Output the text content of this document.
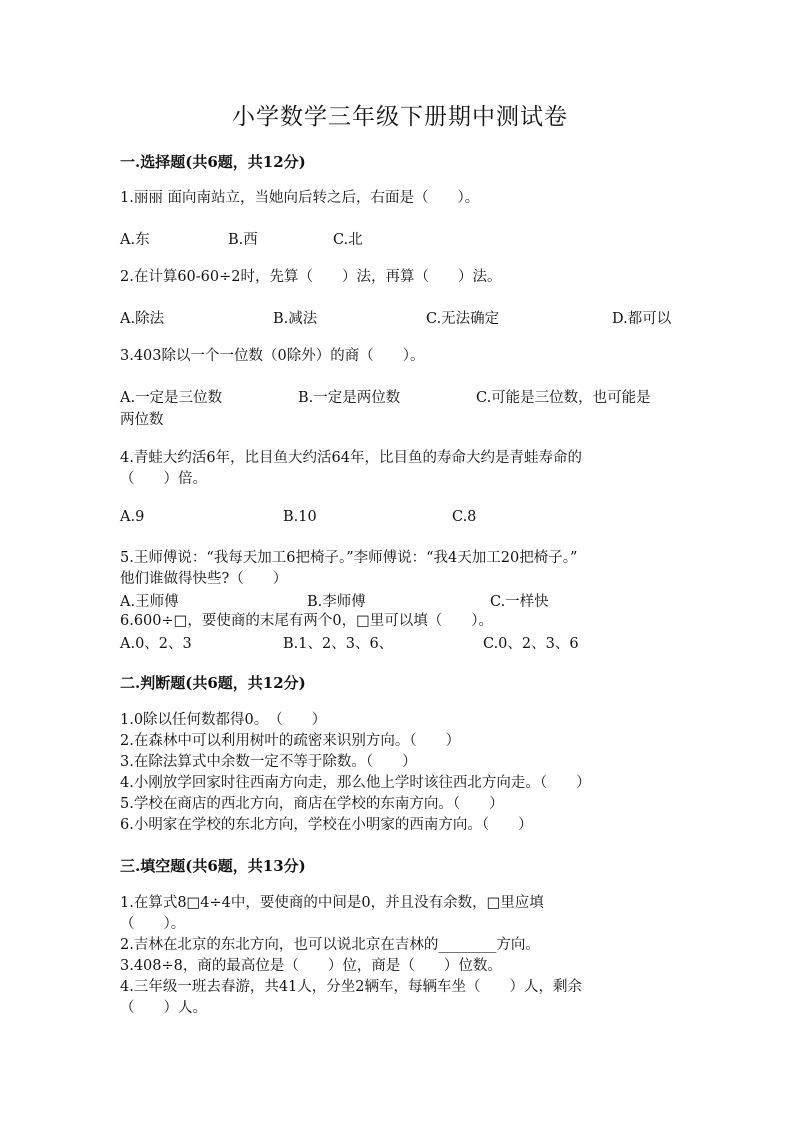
小学数学三年级下册期中测试卷
一.选择题(共6题，共12分)
1.丽丽 面向南站立，当她向后转之后，右面是（　　）。
A.东	B.西	C.北
2.在计算60-60÷2时，先算（　　）法，再算（　　）法。
A.除法	B.减法	C.无法确定	D.都可以
3.403除以一个一位数（0除外）的商（　　）。
A.一定是三位数	B.一定是两位数	C.可能是三位数，也可能是
两位数
4.青蛙大约活6年，比目鱼大约活64年，比目鱼的寿命大约是青蛙寿命的
（　　）倍。
A.9	B.10	C.8
5.王师傅说：“我每天加工6把椅子。”李师傅说：“我4天加工20把椅子。”
他们谁做得快些?（　　）
A.王师傅	B.李师傅	C.一样快
6.600÷□，要使商的末尾有两个0，□里可以填（　　）。
A.0、2、3	B.1、2、3、6、	C.0、2、3、6
二.判断题(共6题，共12分)
1.0除以任何数都得0。　（　　）
2.在森林中可以利用树叶的疏密来识别方向。（　　）
3.在除法算式中余数一定不等于除数。（　　）
4.小刚放学回家时往西南方向走，那么他上学时该往西北方向走。（　　）
5.学校在商店的西北方向，商店在学校的东南方向。（　　）
6.小明家在学校的东北方向，学校在小明家的西南方向。（　　）
三.填空题(共6题，共13分)
1.在算式8□4÷4中，要使商的中间是0，并且没有余数，□里应填
（　　）。
2.吉林在北京的东北方向，也可以说北京在吉林的________方向。
3.408÷8，商的最高位是（　　）位，商是（　　）位数。
4.三年级一班去春游，共41人，分坐2辆车，每辆车坐（　　）人，剩余
（　　）人。
